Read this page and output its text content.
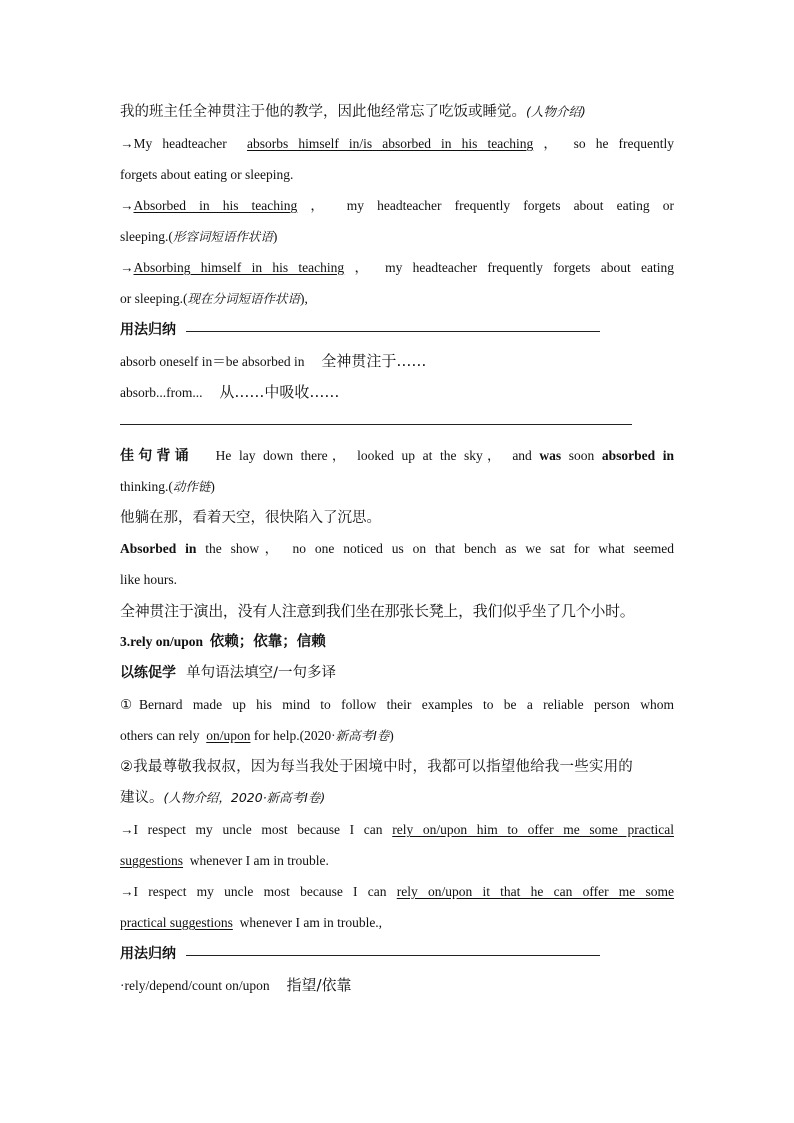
我的班主任全神贯注于他的教学，因此他经常忘了吃饭或睡觉。(人物介绍)
→My headteacher absorbs himself in/is absorbed in his teaching ， so he frequently
forgets about eating or sleeping.
→Absorbed in his teaching ， my headteacher frequently forgets about eating or
sleeping.(形容词短语作状语)
→Absorbing himself in his teaching ， my headteacher frequently forgets about eating
or sleeping.(现在分词短语作状语),
用法归纳
absorb oneself in＝be absorbed in 全神贯注于……
absorb...from... 从……中吸收……
佳句背诵 He lay down there， looked up at the sky， and was soon absorbed in
thinking.(动作链)
他躺在那，看着天空，很快陷入了沉思。
Absorbed in the show， no one noticed us on that bench as we sat for what seemed
like hours.
全神贯注于演出，没有人注意到我们坐在那张长凳上，我们似乎坐了几个小时。
3.rely on/upon 依赖；依靠；信赖
以练促学 单句语法填空/一句多译
①Bernard made up his mind to follow their examples to be a reliable person whom
others can rely on/upon for help.(2020·新高考Ⅰ卷)
②我最尊敬我叔叔，因为每当我处于困境中时，我都可以指望他给我一些实用的
建议。(人物介绍，2020·新高考Ⅰ卷)
→I respect my uncle most because I can rely on/upon him to offer me some practical
suggestions whenever I am in trouble.
→I respect my uncle most because I can rely on/upon it that he can offer me some
practical suggestions whenever I am in trouble.,
用法归纳
·rely/depend/count on/upon 指望/依靠
